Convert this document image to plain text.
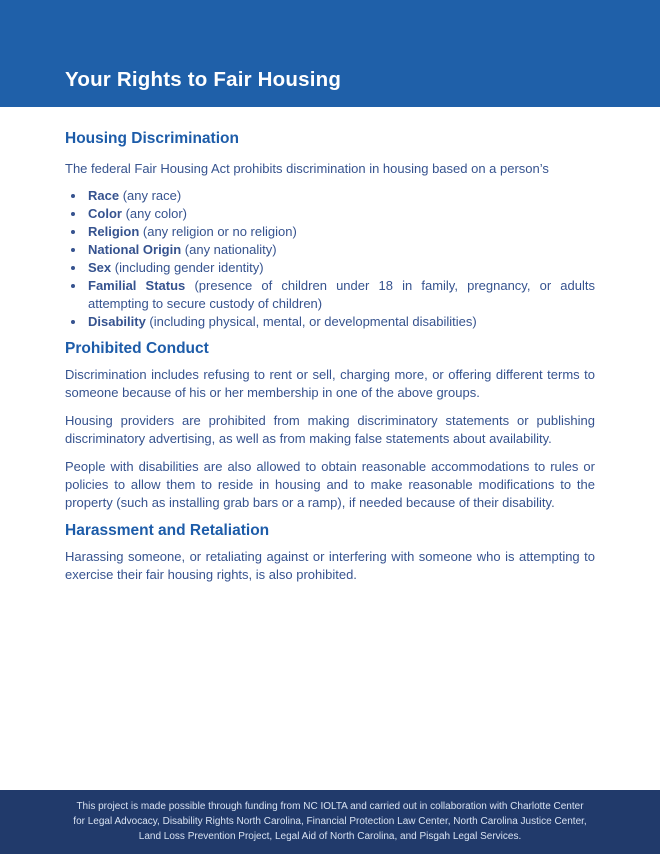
Your Rights to Fair Housing
Housing Discrimination

The federal Fair Housing Act prohibits discrimination in housing based on a person’s

• Race (any race)
• Color (any color)
• Religion (any religion or no religion)
• National Origin (any nationality)
• Sex (including gender identity)
• Familial Status (presence of children under 18 in family, pregnancy, or adults attempting to secure custody of children)
• Disability (including physical, mental, or developmental disabilities)
Prohibited Conduct

Discrimination includes refusing to rent or sell, charging more, or offering different terms to someone because of his or her membership in one of the above groups.

Housing providers are prohibited from making discriminatory statements or publishing discriminatory advertising, as well as from making false statements about availability.

People with disabilities are also allowed to obtain reasonable accommodations to rules or policies to allow them to reside in housing and to make reasonable modifications to the property (such as installing grab bars or a ramp), if needed because of their disability.

Harassment and Retaliation

Harassing someone, or retaliating against or interfering with someone who is attempting to exercise their fair housing rights, is also prohibited.

This project is made possible through funding from NC IOLTA and carried out in collaboration with Charlotte Center for Legal Advocacy, Disability Rights North Carolina, Financial Protection Law Center, North Carolina Justice Center, Land Loss Prevention Project, Legal Aid of North Carolina, and Pisgah Legal Services.
